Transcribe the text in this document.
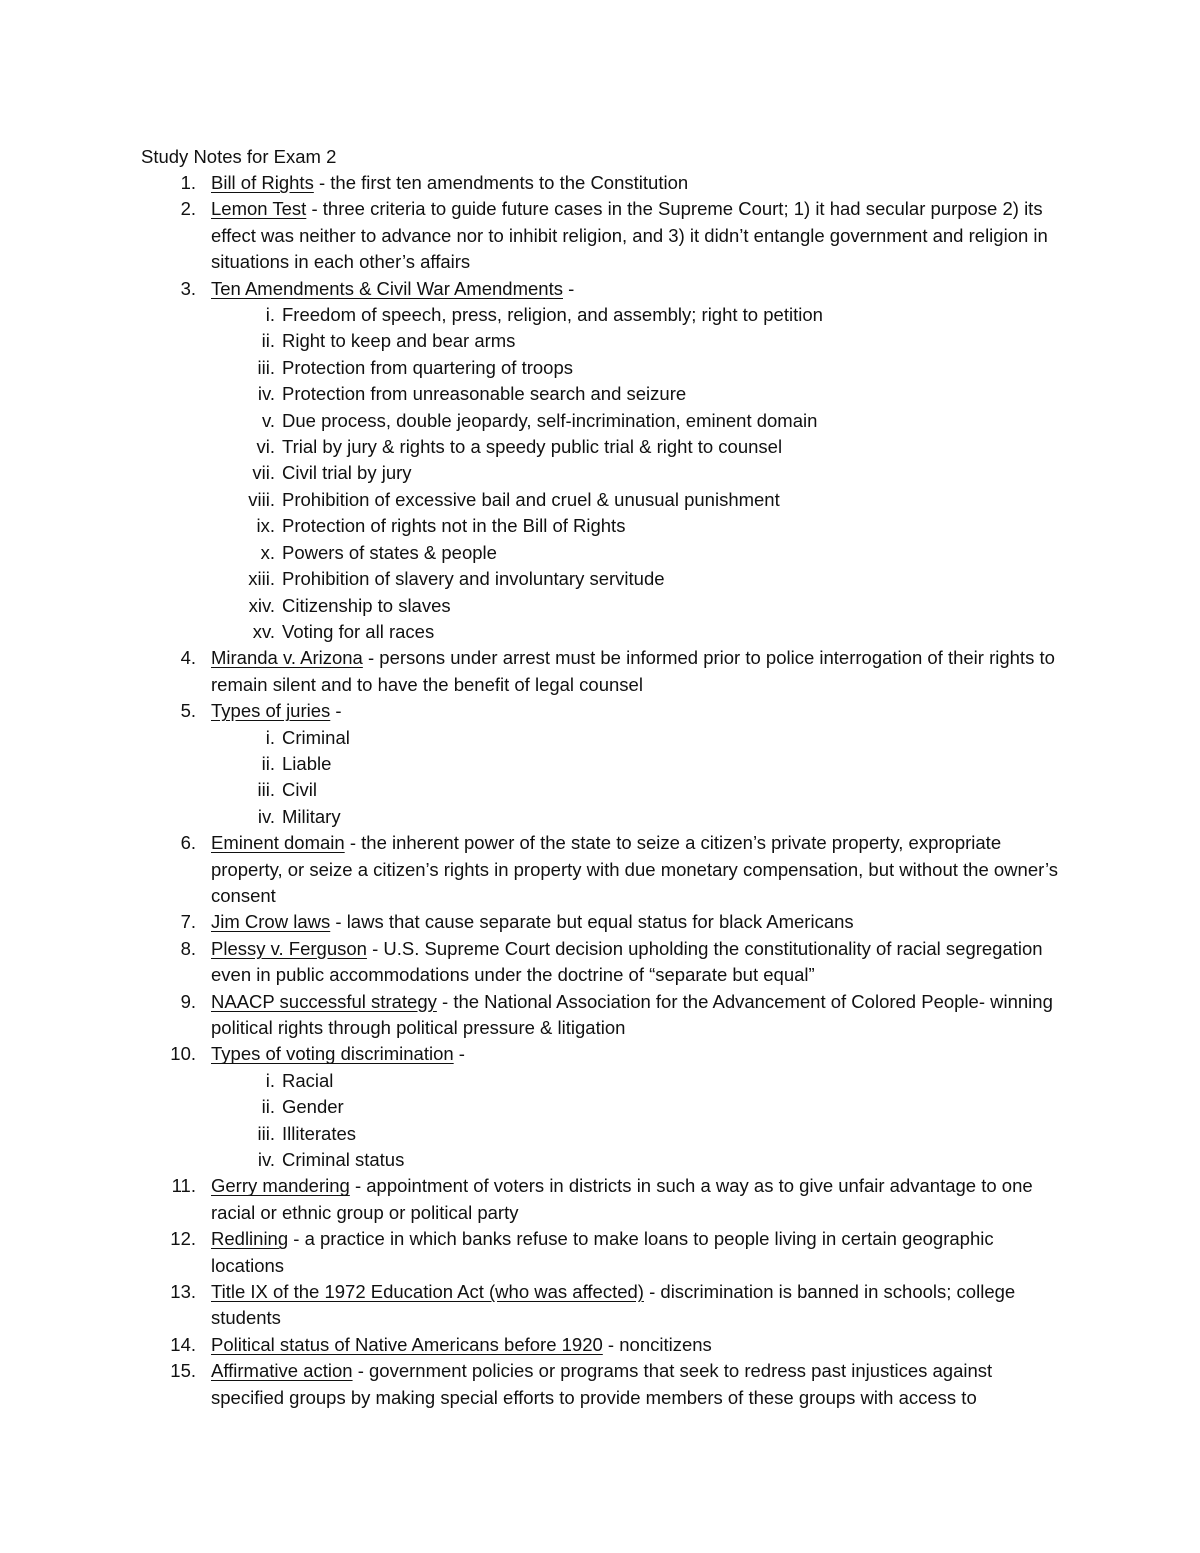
Study Notes for Exam 2
1. Bill of Rights - the first ten amendments to the Constitution
2. Lemon Test - three criteria to guide future cases in the Supreme Court; 1) it had secular purpose 2) its effect was neither to advance nor to inhibit religion, and 3) it didn’t entangle government and religion in situations in each other’s affairs
3. Ten Amendments & Civil War Amendments -
i. Freedom of speech, press, religion, and assembly; right to petition
ii. Right to keep and bear arms
iii. Protection from quartering of troops
iv. Protection from unreasonable search and seizure
v. Due process, double jeopardy, self-incrimination, eminent domain
vi. Trial by jury & rights to a speedy public trial & right to counsel
vii. Civil trial by jury
viii. Prohibition of excessive bail and cruel & unusual punishment
ix. Protection of rights not in the Bill of Rights
x. Powers of states & people
xiii. Prohibition of slavery and involuntary servitude
xiv. Citizenship to slaves
xv. Voting for all races
4. Miranda v. Arizona - persons under arrest must be informed prior to police interrogation of their rights to remain silent and to have the benefit of legal counsel
5. Types of juries -
i. Criminal
ii. Liable
iii. Civil
iv. Military
6. Eminent domain - the inherent power of the state to seize a citizen’s private property, expropriate property, or seize a citizen’s rights in property with due monetary compensation, but without the owner’s consent
7. Jim Crow laws - laws that cause separate but equal status for black Americans
8. Plessy v. Ferguson - U.S. Supreme Court decision upholding the constitutionality of racial segregation even in public accommodations under the doctrine of “separate but equal”
9. NAACP successful strategy - the National Association for the Advancement of Colored People- winning political rights through political pressure & litigation
10. Types of voting discrimination -
i. Racial
ii. Gender
iii. Illiterates
iv. Criminal status
11. Gerry mandering - appointment of voters in districts in such a way as to give unfair advantage to one racial or ethnic group or political party
12. Redlining - a practice in which banks refuse to make loans to people living in certain geographic locations
13. Title IX of the 1972 Education Act (who was affected) - discrimination is banned in schools; college students
14. Political status of Native Americans before 1920 - noncitizens
15. Affirmative action - government policies or programs that seek to redress past injustices against specified groups by making special efforts to provide members of these groups with access to
